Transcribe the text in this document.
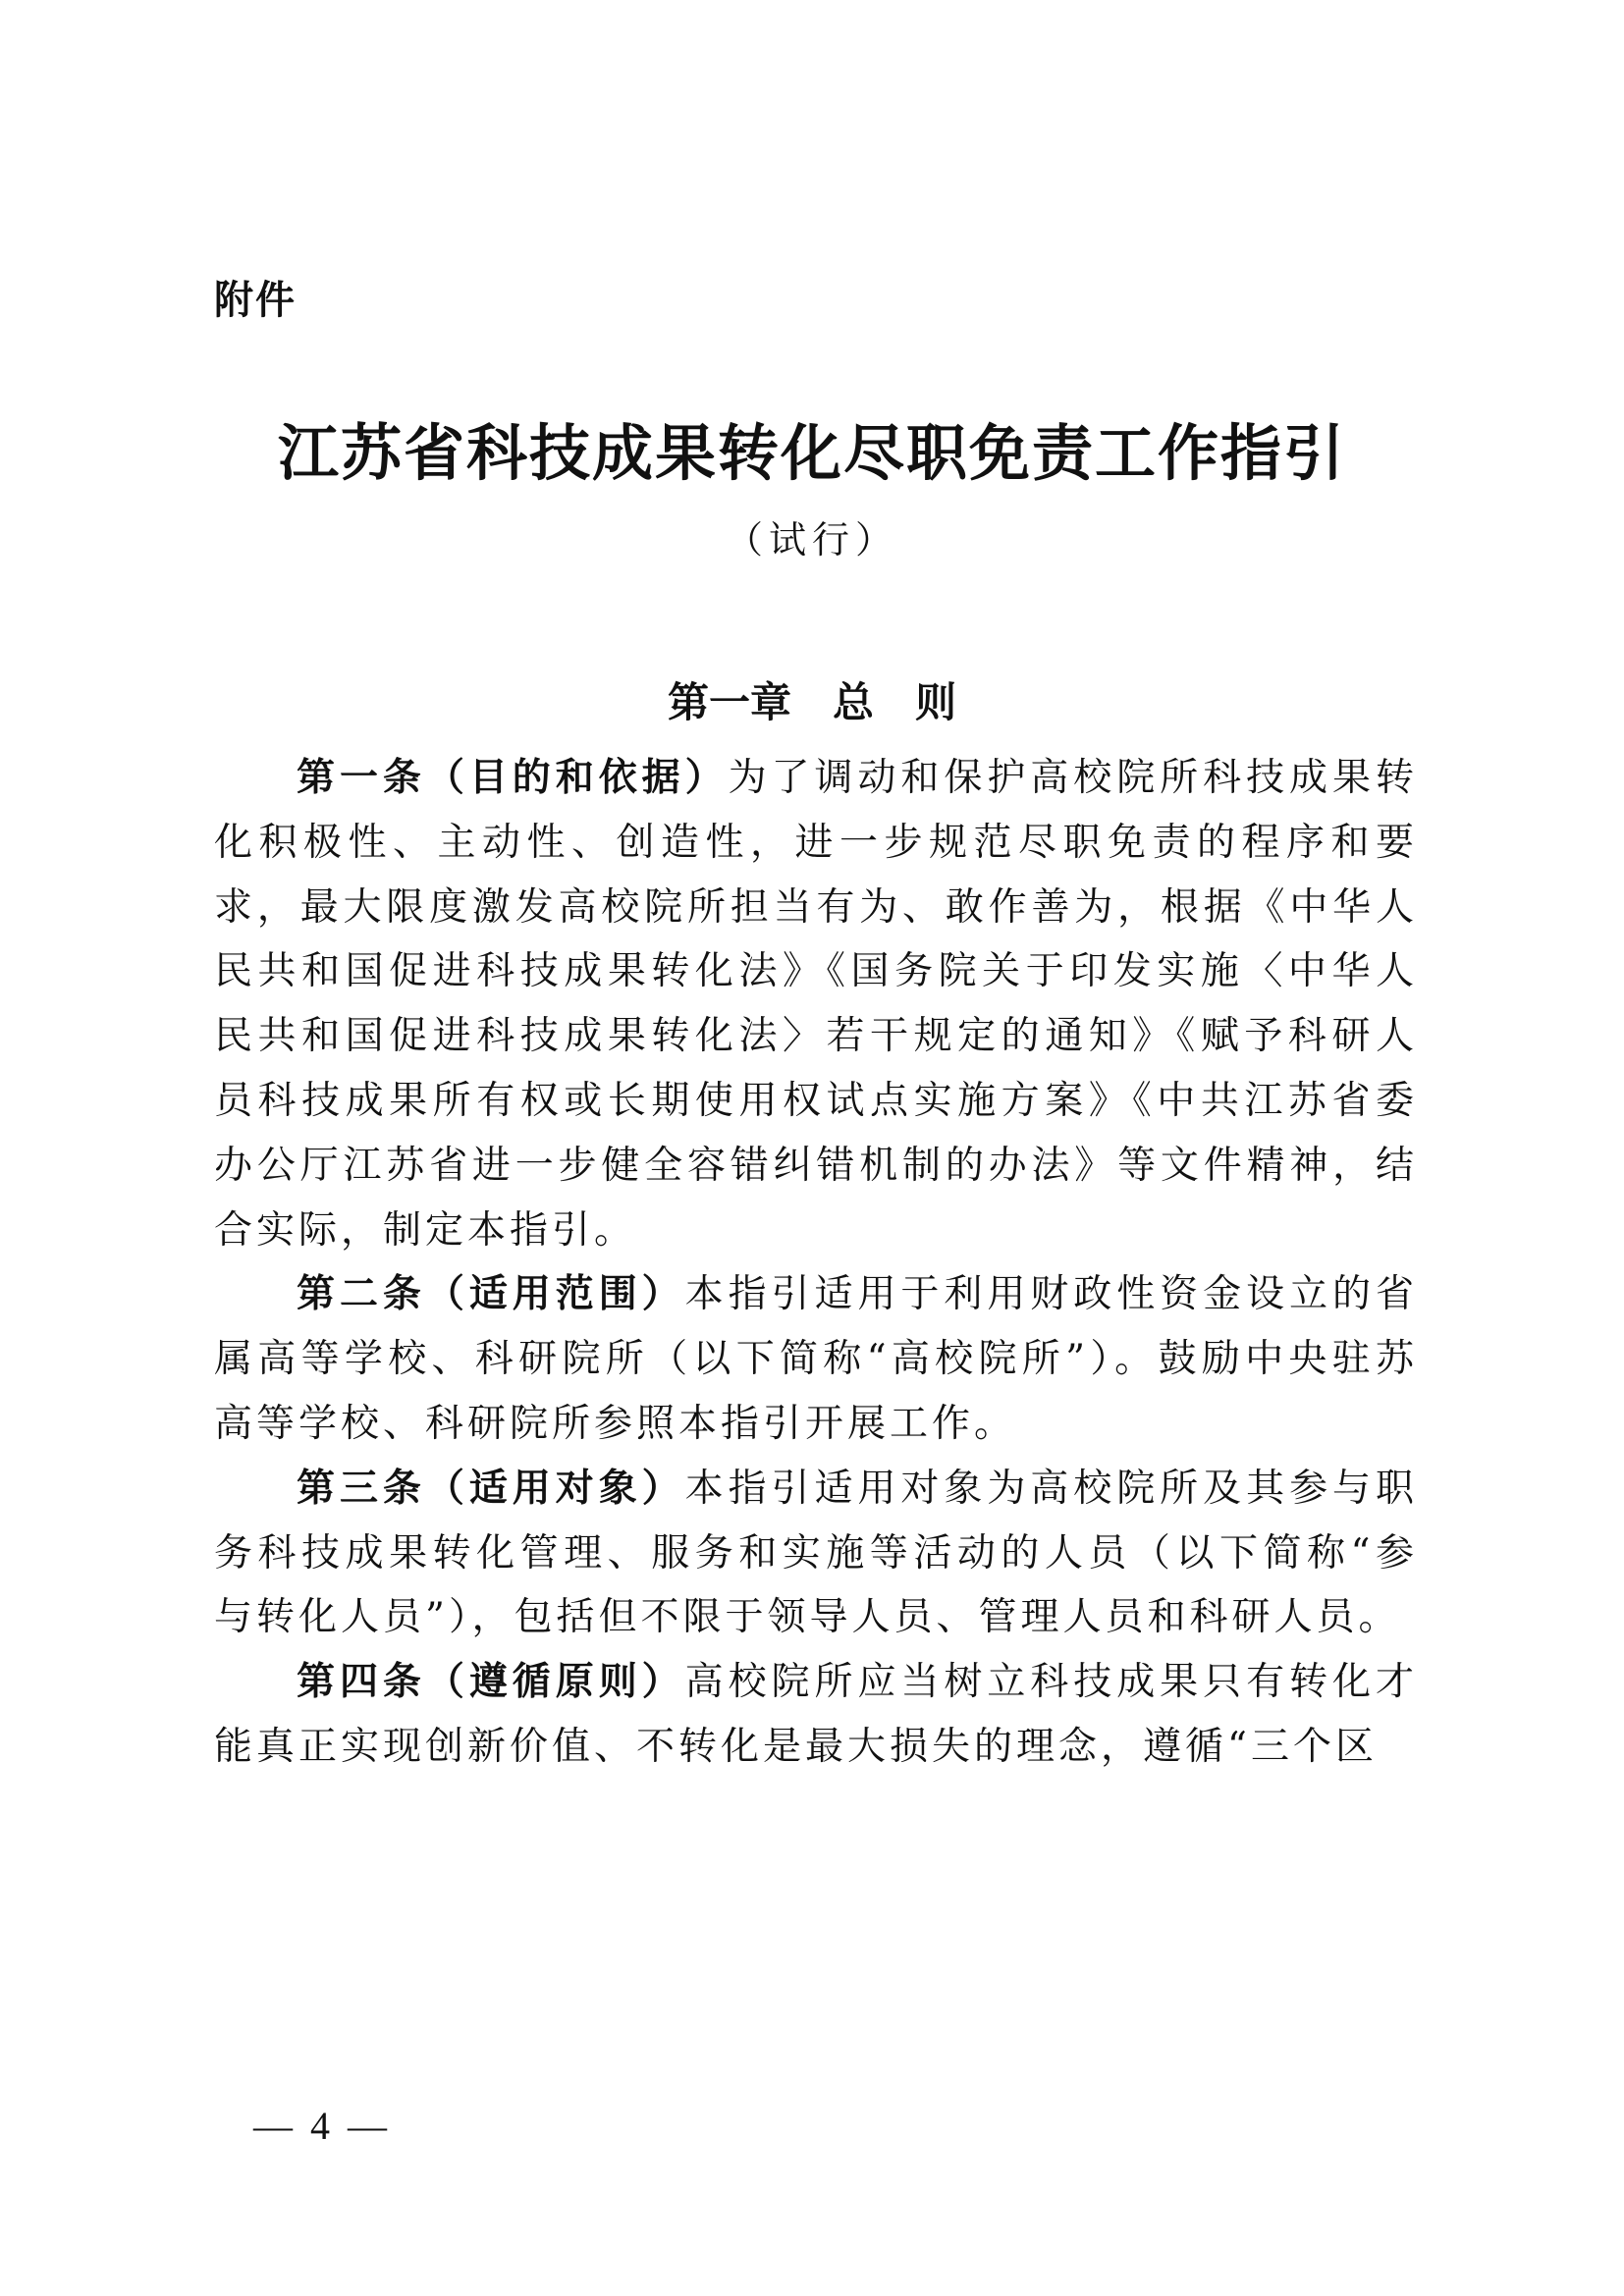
附件
江苏省科技成果转化尽职免责工作指引
（试行）
第一章　总　则

第一条（目的和依据）为了调动和保护高校院所科技成果转化积极性、主动性、创造性，进一步规范尽职免责的程序和要求，最大限度激发高校院所担当有为、敢作善为，根据《中华人民共和国促进科技成果转化法》《国务院关于印发实施〈中华人民共和国促进科技成果转化法〉若干规定的通知》《赋予科研人员科技成果所有权或长期使用权试点实施方案》《中共江苏省委办公厅江苏省进一步健全容错纠错机制的办法》等文件精神，结合实际，制定本指引。

第二条（适用范围）本指引适用于利用财政性资金设立的省属高等学校、科研院所（以下简称“高校院所”）。鼓励中央驻苏高等学校、科研院所参照本指引开展工作。

第三条（适用对象）本指引适用对象为高校院所及其参与职务科技成果转化管理、服务和实施等活动的人员（以下简称“参与转化人员”），包括但不限于领导人员、管理人员和科研人员。

第四条（遵循原则）高校院所应当树立科技成果只有转化才能真正实现创新价值、不转化是最大损失的理念，遵循“三个区

— 4 —
